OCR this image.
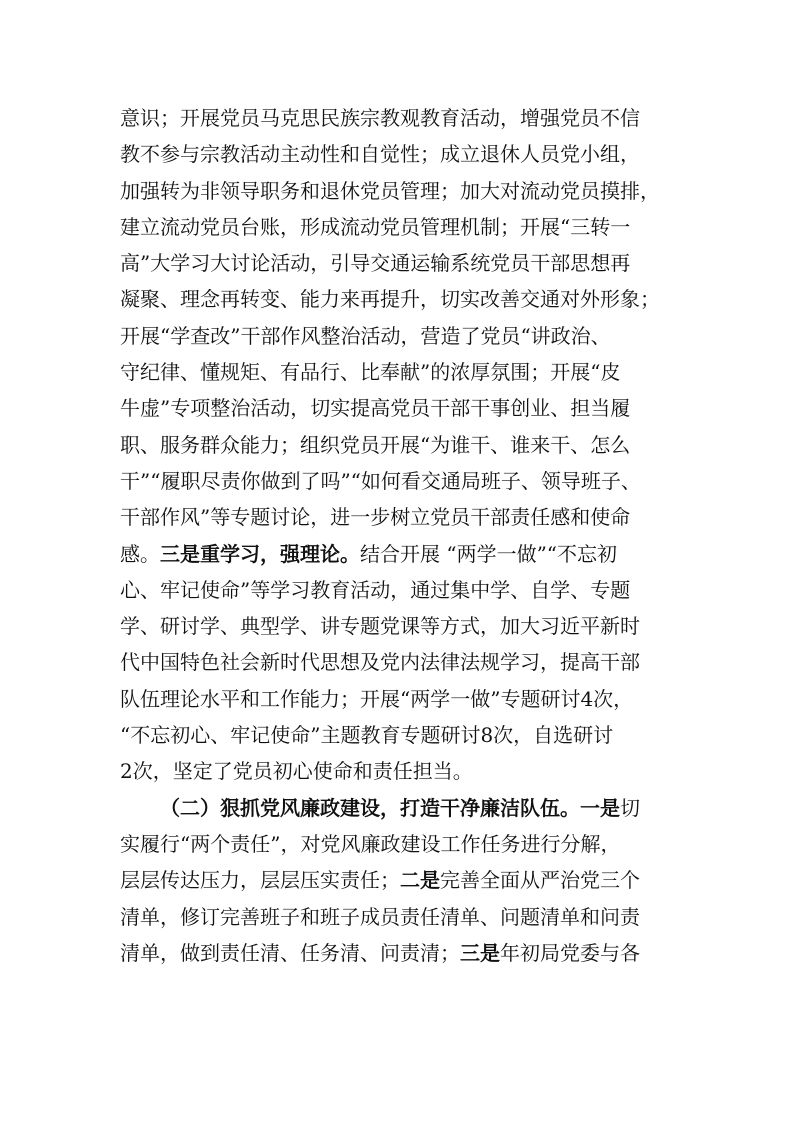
意识；开展党员马克思民族宗教观教育活动，增强党员不信
教不参与宗教活动主动性和自觉性；成立退休人员党小组，
加强转为非领导职务和退休党员管理；加大对流动党员摸排，
建立流动党员台账，形成流动党员管理机制；开展“三转一
高”大学习大讨论活动，引导交通运输系统党员干部思想再
凝聚、理念再转变、能力来再提升，切实改善交通对外形象；
开展“学查改”干部作风整治活动，营造了党员“讲政治、
守纪律、懂规矩、有品行、比奉献”的浓厚氛围；开展“皮
牛虚”专项整治活动，切实提高党员干部干事创业、担当履
职、服务群众能力；组织党员开展“为谁干、谁来干、怎么
干”“履职尽责你做到了吗”“如何看交通局班子、领导班子、
干部作风”等专题讨论，进一步树立党员干部责任感和使命
感。三是重学习，强理论。结合开展 “两学一做”“不忘初
心、牢记使命”等学习教育活动，通过集中学、自学、专题
学、研讨学、典型学、讲专题党课等方式，加大习近平新时
代中国特色社会新时代思想及党内法律法规学习，提高干部
队伍理论水平和工作能力；开展“两学一做”专题研讨4次，
“不忘初心、牢记使命”主题教育专题研讨8次，自选研讨
2次，坚定了党员初心使命和责任担当。
（二）狠抓党风廉政建设，打造干净廉洁队伍。一是切
实履行“两个责任”，对党风廉政建设工作任务进行分解，
层层传达压力，层层压实责任；二是完善全面从严治党三个
清单，修订完善班子和班子成员责任清单、问题清单和问责
清单，做到责任清、任务清、问责清；三是年初局党委与各
